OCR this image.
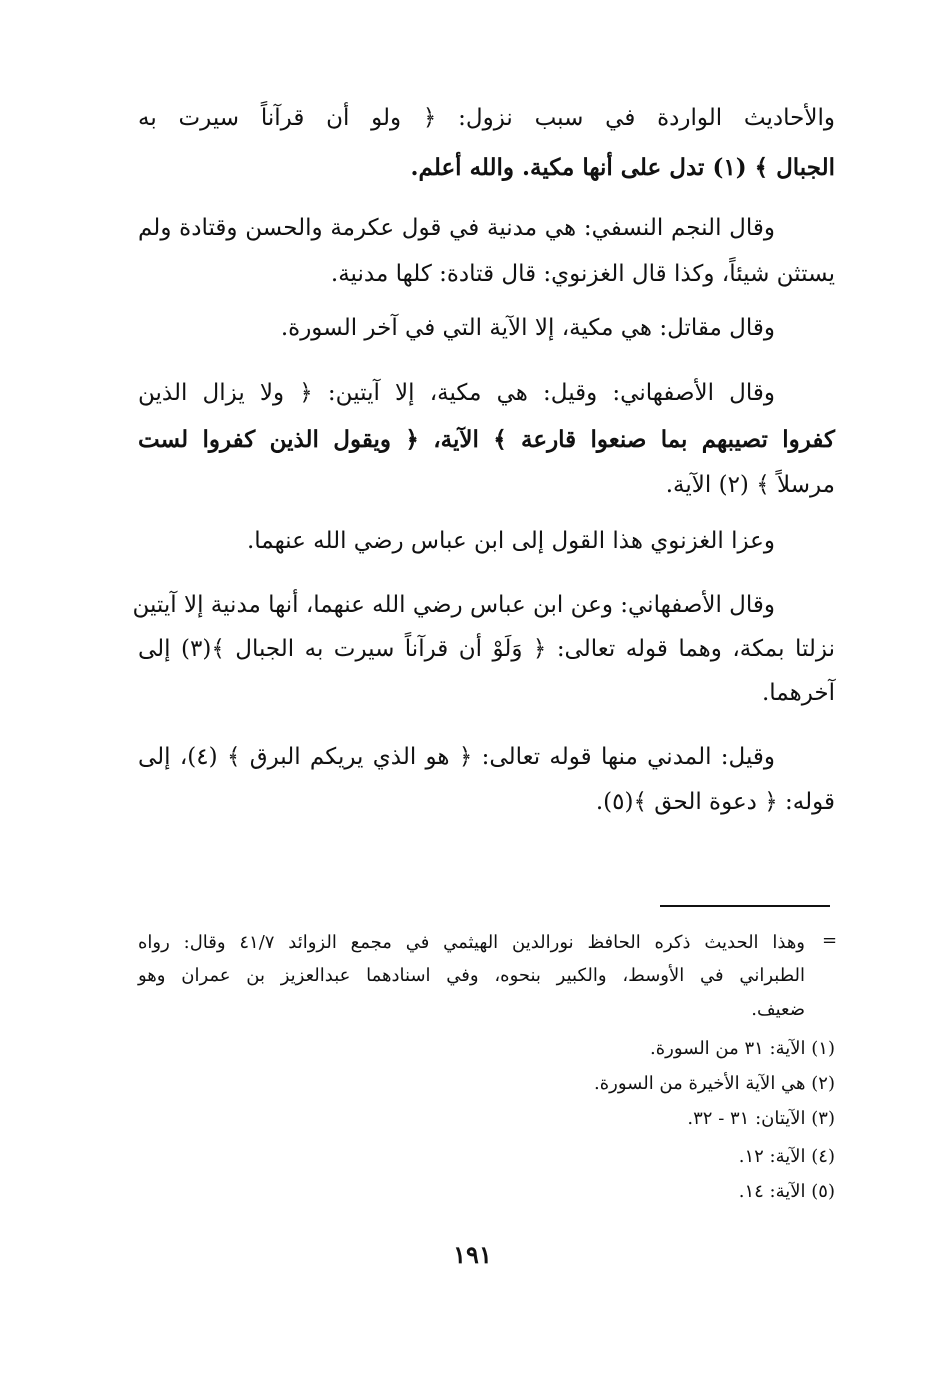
والأحاديث الواردة في سبب نزول: ﴿ ولو أن قرآناً سيرت به
الجبال ﴾ (١) تدل على أنها مكية. والله أعلم.
وقال النجم النسفي: هي مدنية في قول عكرمة والحسن وقتادة ولم
يستثن شيئاً، وكذا قال الغزنوي: قال قتادة: كلها مدنية.
وقال مقاتل: هي مكية، إلا الآية التي في آخر السورة.
وقال الأصفهاني: وقيل: هي مكية، إلا آيتين: ﴿ ولا يزال الذين
كفروا تصيبهم بما صنعوا قارعة ﴾ الآية، ﴿ ويقول الذين كفروا لست
مرسلاً ﴾ (٢) الآية.
وعزا الغزنوي هذا القول إلى ابن عباس رضي الله عنهما.
وقال الأصفهاني: وعن ابن عباس رضي الله عنهما، أنها مدنية إلا آيتين
نزلتا بمكة، وهما قوله تعالى: ﴿ وَلَوْ أن قرآناً سيرت به الجبال ﴾(٣) إلى
آخرهما.
وقيل: المدني منها قوله تعالى: ﴿ هو الذي يريكم البرق ﴾ (٤)، إلى
قوله: ﴿ دعوة الحق ﴾(٥).
=
وهذا الحديث ذكره الحافظ نورالدين الهيثمي في مجمع الزوائد ٤١/٧ وقال: رواه
الطبراني في الأوسط، والكبير بنحوه، وفي اسنادهما عبدالعزيز بن عمران وهو
ضعيف.
(١) الآية: ٣١ من السورة.
(٢) هي الآية الأخيرة من السورة.
(٣) الآيتان: ٣١ - ٣٢.
(٤) الآية: ١٢.
(٥) الآية: ١٤.
١٩١
